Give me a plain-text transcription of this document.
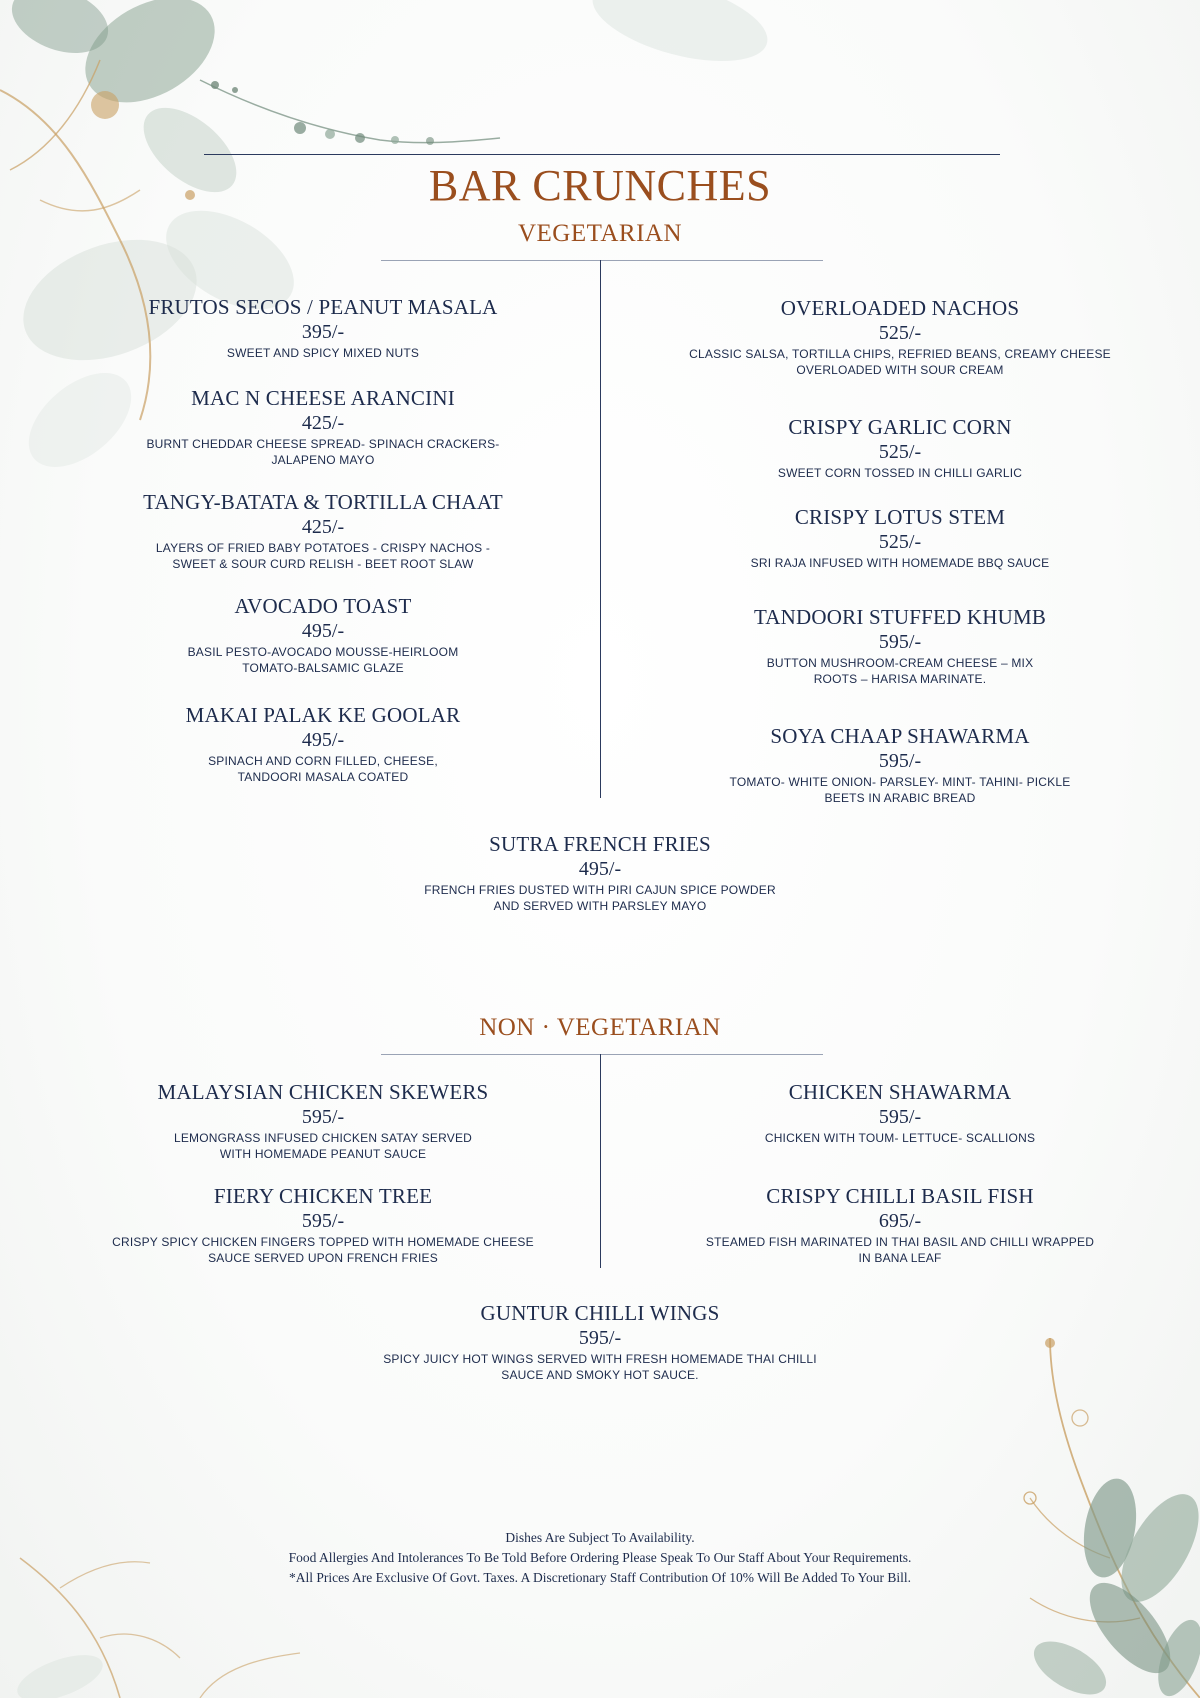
BAR CRUNCHES
VEGETARIAN
FRUTOS SECOS / PEANUT MASALA
395/-
SWEET AND SPICY MIXED NUTS
MAC N CHEESE ARANCINI
425/-
BURNT CHEDDAR CHEESE SPREAD- SPINACH CRACKERS-
JALAPENO MAYO
TANGY-BATATA & TORTILLA CHAAT
425/-
LAYERS OF FRIED BABY POTATOES - CRISPY NACHOS -
SWEET & SOUR CURD RELISH - BEET ROOT SLAW
AVOCADO TOAST
495/-
BASIL PESTO-AVOCADO MOUSSE-HEIRLOOM
TOMATO-BALSAMIC GLAZE
MAKAI PALAK KE GOOLAR
495/-
SPINACH AND CORN FILLED, CHEESE,
TANDOORI MASALA COATED
OVERLOADED NACHOS
525/-
CLASSIC SALSA, TORTILLA CHIPS, REFRIED BEANS, CREAMY CHEESE
OVERLOADED WITH SOUR CREAM
CRISPY GARLIC CORN
525/-
SWEET CORN TOSSED IN CHILLI GARLIC
CRISPY LOTUS STEM
525/-
SRI RAJA INFUSED WITH HOMEMADE BBQ SAUCE
TANDOORI STUFFED KHUMB
595/-
BUTTON MUSHROOM-CREAM CHEESE – MIX
ROOTS – HARISA MARINATE.
SOYA CHAAP SHAWARMA
595/-
TOMATO- WHITE ONION- PARSLEY- MINT- TAHINI- PICKLE
BEETS IN ARABIC BREAD
SUTRA FRENCH FRIES
495/-
FRENCH FRIES DUSTED WITH PIRI CAJUN SPICE POWDER
AND SERVED WITH PARSLEY MAYO
NON · VEGETARIAN
MALAYSIAN CHICKEN SKEWERS
595/-
LEMONGRASS INFUSED CHICKEN SATAY SERVED
WITH HOMEMADE PEANUT SAUCE
FIERY CHICKEN TREE
595/-
CRISPY SPICY CHICKEN FINGERS TOPPED WITH HOMEMADE CHEESE
SAUCE SERVED UPON FRENCH FRIES
CHICKEN SHAWARMA
595/-
CHICKEN WITH TOUM- LETTUCE- SCALLIONS
CRISPY CHILLI BASIL FISH
695/-
STEAMED FISH MARINATED IN THAI BASIL AND CHILLI WRAPPED
IN BANA LEAF
GUNTUR CHILLI WINGS
595/-
SPICY JUICY HOT WINGS SERVED WITH FRESH HOMEMADE THAI CHILLI
SAUCE AND SMOKY HOT SAUCE.
Dishes Are Subject To Availability.
Food Allergies And Intolerances To Be Told Before Ordering Please Speak To Our Staff About Your Requirements.
*All Prices Are Exclusive Of Govt. Taxes. A Discretionary Staff Contribution Of 10% Will Be Added To Your Bill.
